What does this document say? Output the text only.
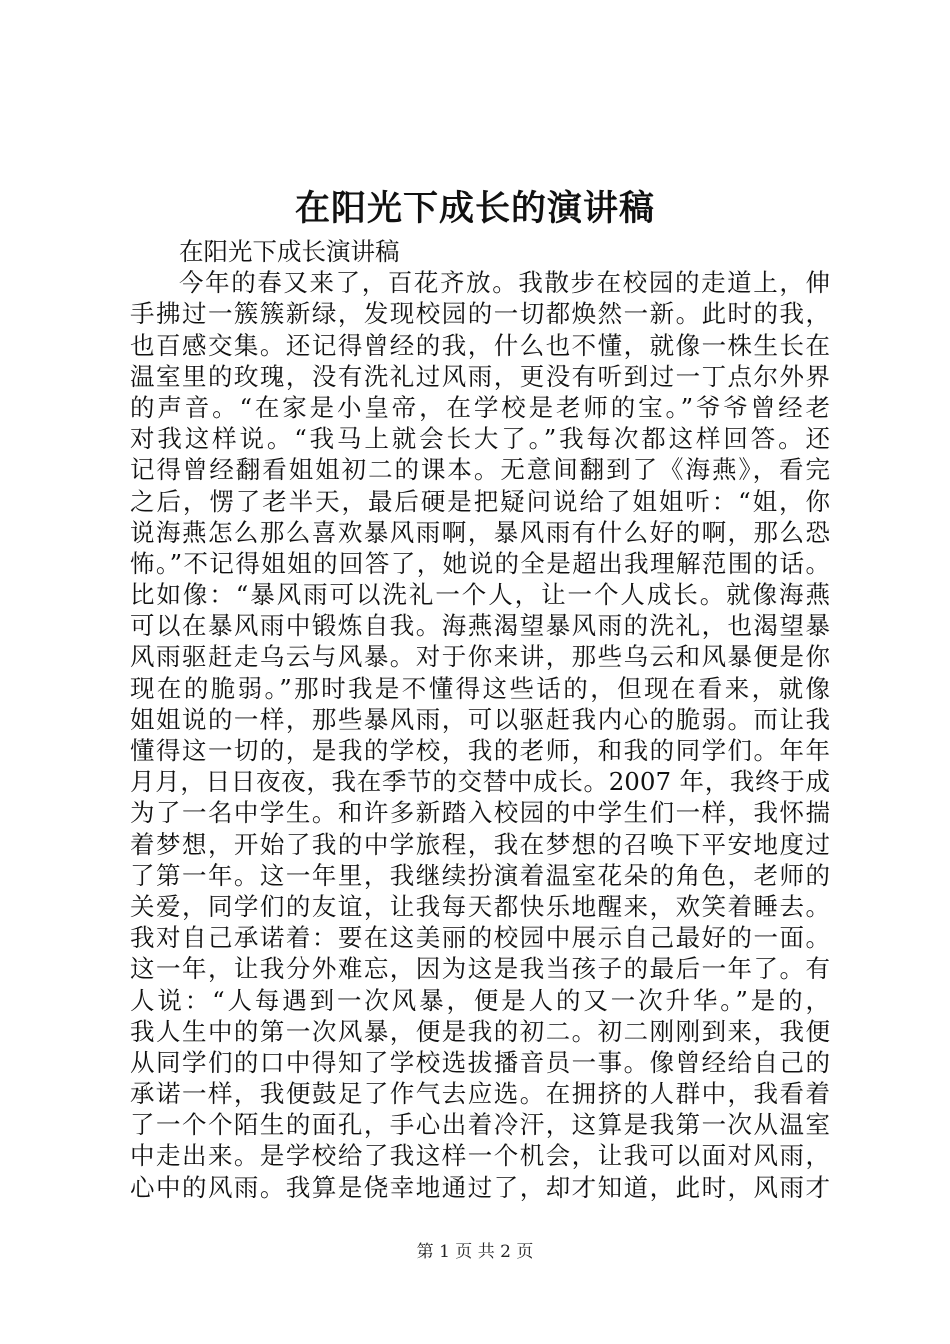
在阳光下成长的演讲稿
在阳光下成长演讲稿
今年的春又来了，百花齐放。我散步在校园的走道上，伸
手拂过一簇簇新绿，发现校园的一切都焕然一新。此时的我，
也百感交集。还记得曾经的我，什么也不懂，就像一株生长在
温室里的玫瑰，没有洗礼过风雨，更没有听到过一丁点尔外界
的声音。“在家是小皇帝，在学校是老师的宝。”爷爷曾经老
对我这样说。“我马上就会长大了。”我每次都这样回答。还
记得曾经翻看姐姐初二的课本。无意间翻到了《海燕》，看完
之后，愣了老半天，最后硬是把疑问说给了姐姐听：“姐，你
说海燕怎么那么喜欢暴风雨啊，暴风雨有什么好的啊，那么恐
怖。”不记得姐姐的回答了，她说的全是超出我理解范围的话。
比如像：“暴风雨可以洗礼一个人，让一个人成长。就像海燕
可以在暴风雨中锻炼自我。海燕渴望暴风雨的洗礼，也渴望暴
风雨驱赶走乌云与风暴。对于你来讲，那些乌云和风暴便是你
现在的脆弱。”那时我是不懂得这些话的，但现在看来，就像
姐姐说的一样，那些暴风雨，可以驱赶我内心的脆弱。而让我
懂得这一切的，是我的学校，我的老师，和我的同学们。年年
月月，日日夜夜，我在季节的交替中成长。2007 年，我终于成
为了一名中学生。和许多新踏入校园的中学生们一样，我怀揣
着梦想，开始了我的中学旅程，我在梦想的召唤下平安地度过
了第一年。这一年里，我继续扮演着温室花朵的角色，老师的
关爱，同学们的友谊，让我每天都快乐地醒来，欢笑着睡去。
我对自己承诺着：要在这美丽的校园中展示自己最好的一面。
这一年，让我分外难忘，因为这是我当孩子的最后一年了。有
人说：“人每遇到一次风暴，便是人的又一次升华。”是的，
我人生中的第一次风暴，便是我的初二。初二刚刚到来，我便
从同学们的口中得知了学校选拔播音员一事。像曾经给自己的
承诺一样，我便鼓足了作气去应选。在拥挤的人群中，我看着
了一个个陌生的面孔，手心出着冷汗，这算是我第一次从温室
中走出来。是学校给了我这样一个机会，让我可以面对风雨，
心中的风雨。我算是侥幸地通过了，却才知道，此时，风雨才
第 1 页 共 2 页
